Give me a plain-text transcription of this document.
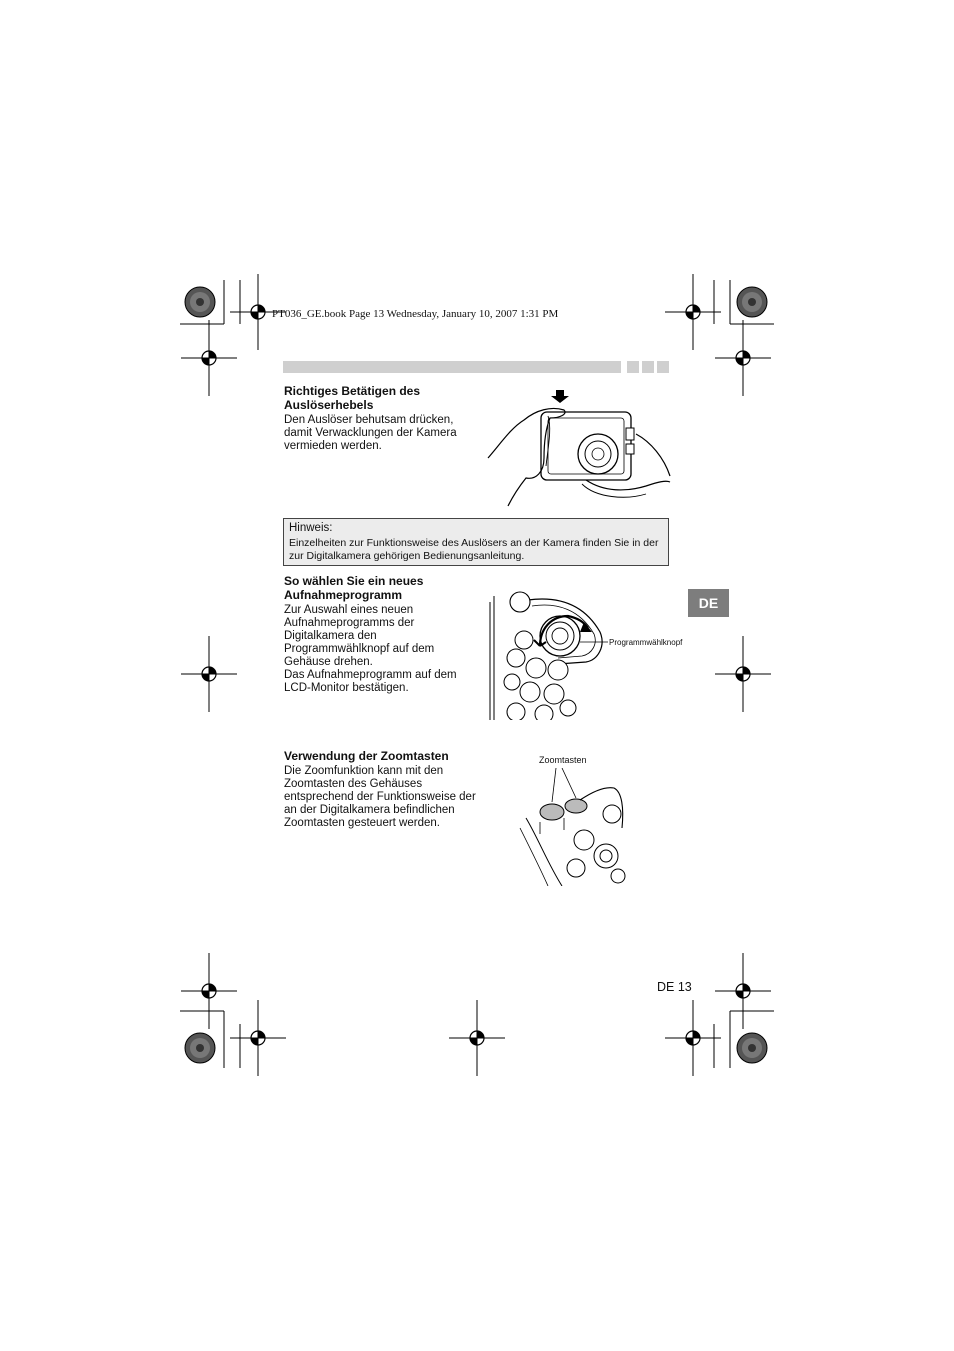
PT036_GE.book Page 13 Wednesday, January 10, 2007 1:31 PM
Richtiges Betätigen des Auslöserhebels

Den Auslöser behutsam drücken, damit Verwacklungen der Kamera vermieden werden.

Hinweis:
Einzelheiten zur Funktionsweise des Auslösers an der Kamera finden Sie in der zur Digitalkamera gehörigen Bedienungsanleitung.
So wählen Sie ein neues Aufnahmeprogramm

Zur Auswahl eines neuen Aufnahmeprogramms der Digitalkamera den Programmwählknopf auf dem Gehäuse drehen.
Das Aufnahmeprogramm auf dem LCD-Monitor bestätigen.

Programmwählknopf
DE
Verwendung der Zoomtasten

Die Zoomfunktion kann mit den Zoomtasten des Gehäuses entsprechend der Funktionsweise der an der Digitalkamera befindlichen Zoomtasten gesteuert werden.

Zoomtasten
DE 13
